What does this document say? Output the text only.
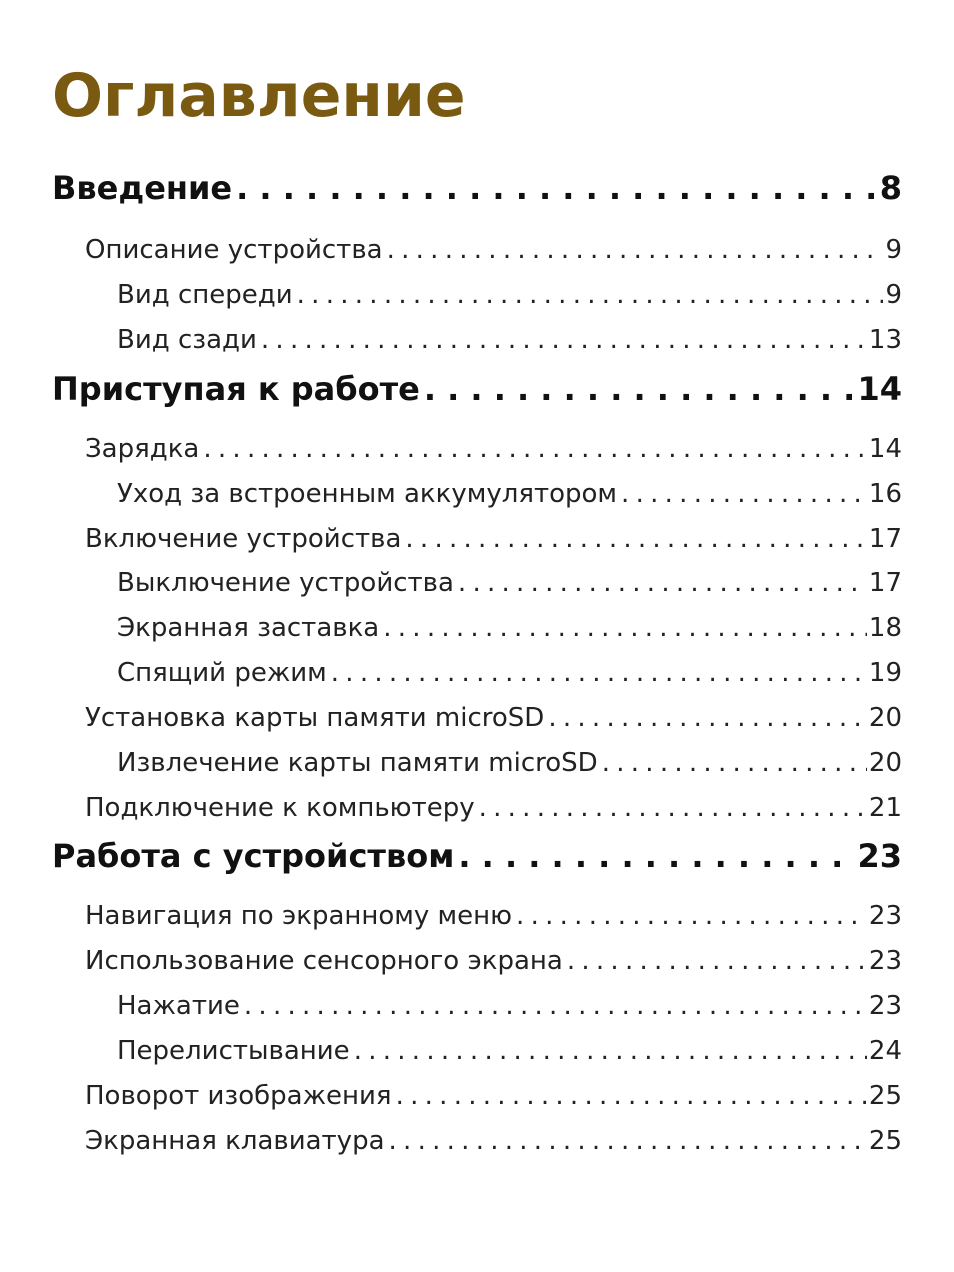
Оглавление
Введение . . .	8
Описание устройства . . .	9
Вид спереди . . .	9
Вид сзади . . .	13
Приступая к работе . . .	14
Зарядка . . .	14
Уход за встроенным аккумулятором . . .	16
Включение устройства . . .	17
Выключение устройства . . .	17
Экранная заставка . . .	18
Спящий режим . . .	19
Установка карты памяти microSD . . .	20
Извлечение карты памяти microSD . . .	20
Подключение к компьютеру . . .	21
Работа с устройством . . .	23
Навигация по экранному меню . . .	23
Использование сенсорного экрана . . .	23
Нажатие . . .	23
Перелистывание . . .	24
Поворот изображения . . .	25
Экранная клавиатура . . .	25
